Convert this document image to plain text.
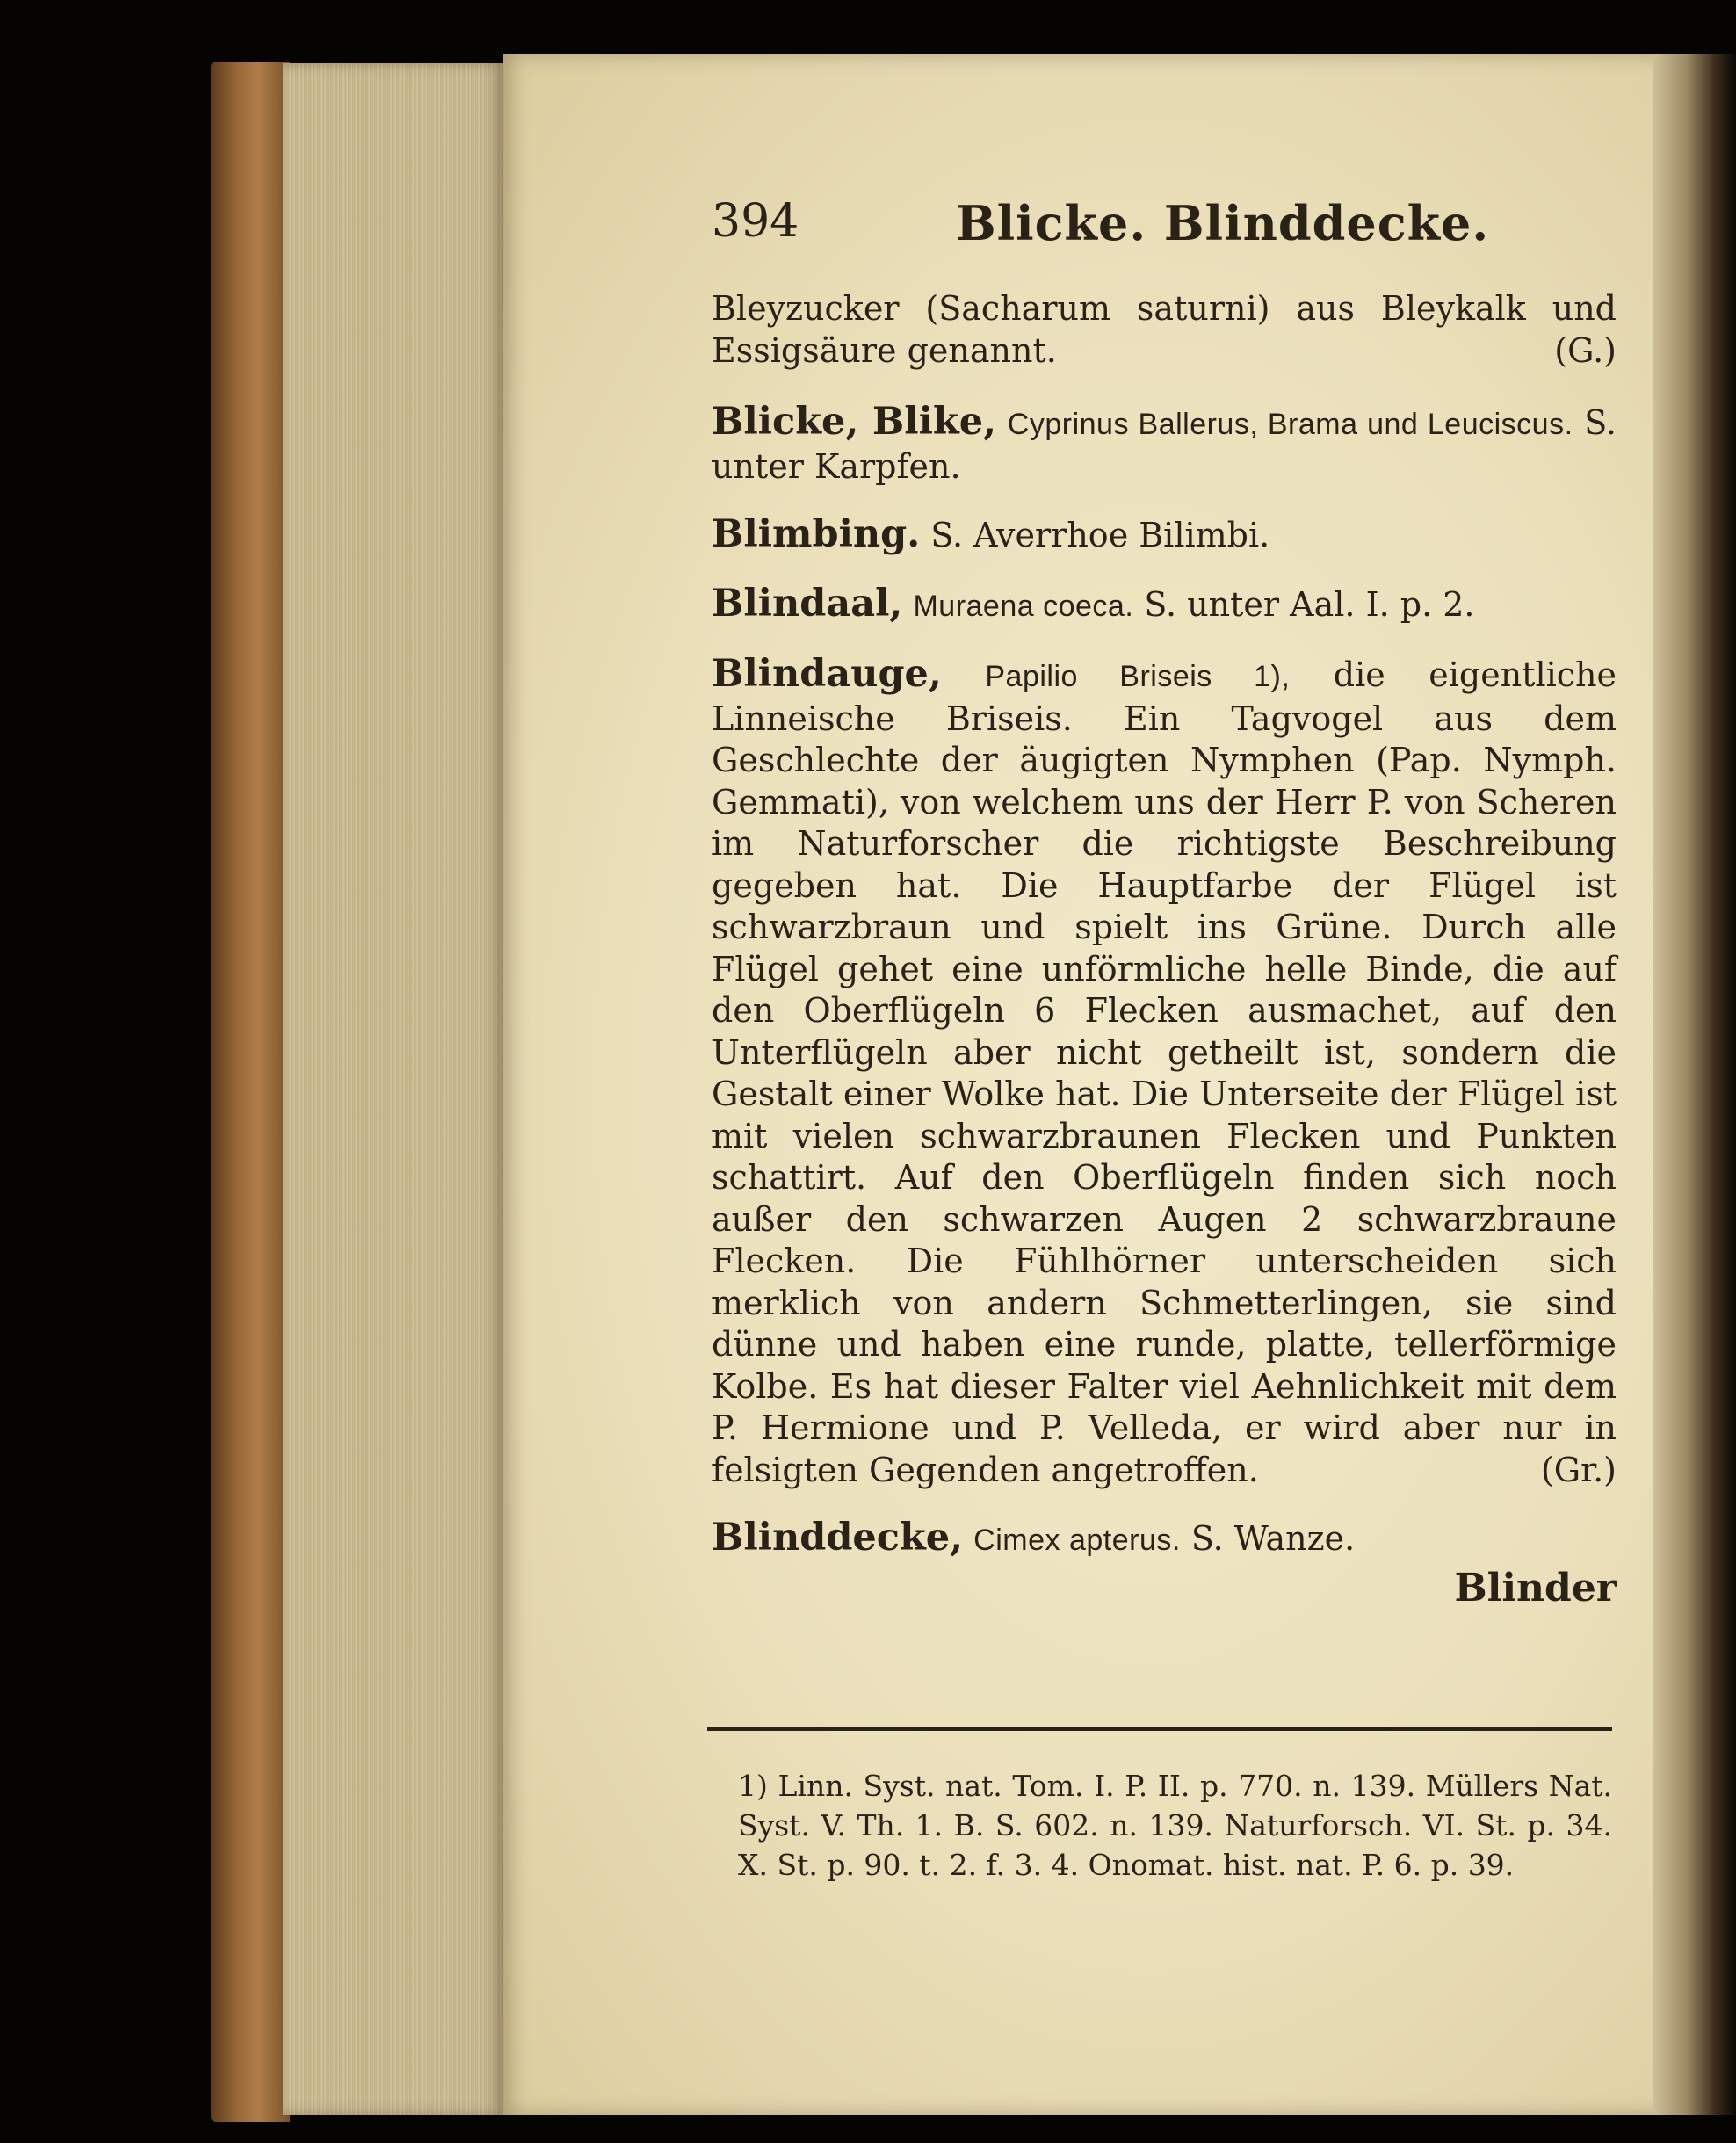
394	Blicke. Blinddecke.

Bleyzucker (Sacharum saturni) aus Bleykalk und Essigsäure genannt.	(G.)

Blicke, Blike, Cyprinus Ballerus, Brama und Leuciscus. S. unter Karpfen.

Blimbing. S. Averrhoe Bilimbi.

Blindaal, Muraena coeca. S. unter Aal. I. p. 2.

Blindauge, Papilio Briseis 1), die eigentliche Linneische Briseis. Ein Tagvogel aus dem Geschlechte der äugigten Nymphen (Pap. Nymph. Gemmati), von welchem uns der Herr P. von Scheren im Naturforscher die richtigste Beschreibung gegeben hat. Die Hauptfarbe der Flügel ist schwarzbraun und spielt ins Grüne. Durch alle Flügel gehet eine unförmliche helle Binde, die auf den Oberflügeln 6 Flecken ausmachet, auf den Unterflügeln aber nicht getheilt ist, sondern die Gestalt einer Wolke hat. Die Unterseite der Flügel ist mit vielen schwarzbraunen Flecken und Punkten schattirt. Auf den Oberflügeln finden sich noch außer den schwarzen Augen 2 schwarzbraune Flecken. Die Fühlhörner unterscheiden sich merklich von andern Schmetterlingen, sie sind dünne und haben eine runde, platte, tellerförmige Kolbe. Es hat dieser Falter viel Aehnlichkeit mit dem P. Hermione und P. Velleda, er wird aber nur in felsigten Gegenden angetroffen.	(Gr.)

Blinddecke, Cimex apterus. S. Wanze.

Blinder
1) Linn. Syst. nat. Tom. I. P. II. p. 770. n. 139. Müllers Nat. Syst. V. Th. 1. B. S. 602. n. 139. Naturforsch. VI. St. p. 34. X. St. p. 90. t. 2. f. 3. 4. Onomat. hist. nat. P. 6. p. 39.
